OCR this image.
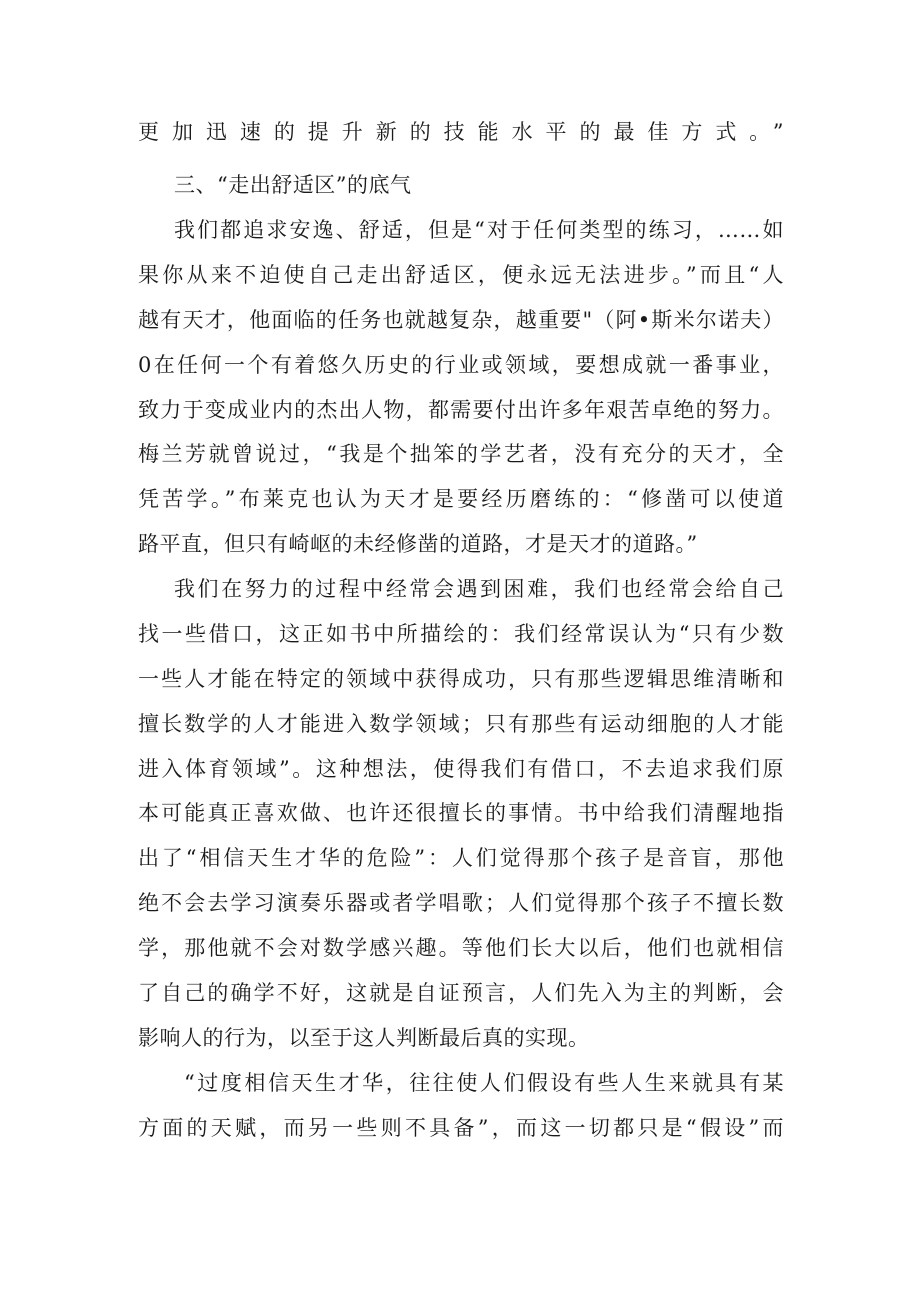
更加迅速的提升新的技能水平的最佳方式。”

三、“走出舒适区”的底气

我们都追求安逸、舒适，但是“对于任何类型的练习，……如

果你从来不迫使自己走出舒适区，便永远无法进步。”而且“人

越有天才，他面临的任务也就越复杂，越重要"（阿•斯米尔诺夫）

0在任何一个有着悠久历史的行业或领域，要想成就一番事业，

致力于变成业内的杰出人物，都需要付出许多年艰苦卓绝的努力。

梅兰芳就曾说过，“我是个拙笨的学艺者，没有充分的天才，全

凭苦学。”布莱克也认为天才是要经历磨练的：“修凿可以使道

路平直，但只有崎岖的未经修凿的道路，才是天才的道路。”

我们在努力的过程中经常会遇到困难，我们也经常会给自己

找一些借口，这正如书中所描绘的：我们经常误认为“只有少数

一些人才能在特定的领域中获得成功，只有那些逻辑思维清晰和

擅长数学的人才能进入数学领域；只有那些有运动细胞的人才能

进入体育领域”。这种想法，使得我们有借口，不去追求我们原

本可能真正喜欢做、也许还很擅长的事情。书中给我们清醒地指

出了“相信天生才华的危险”：人们觉得那个孩子是音盲，那他

绝不会去学习演奏乐器或者学唱歌；人们觉得那个孩子不擅长数

学，那他就不会对数学感兴趣。等他们长大以后，他们也就相信

了自己的确学不好，这就是自证预言，人们先入为主的判断，会

影响人的行为，以至于这人判断最后真的实现。

“过度相信天生才华，往往使人们假设有些人生来就具有某

方面的天赋，而另一些则不具备”，而这一切都只是“假设”而
